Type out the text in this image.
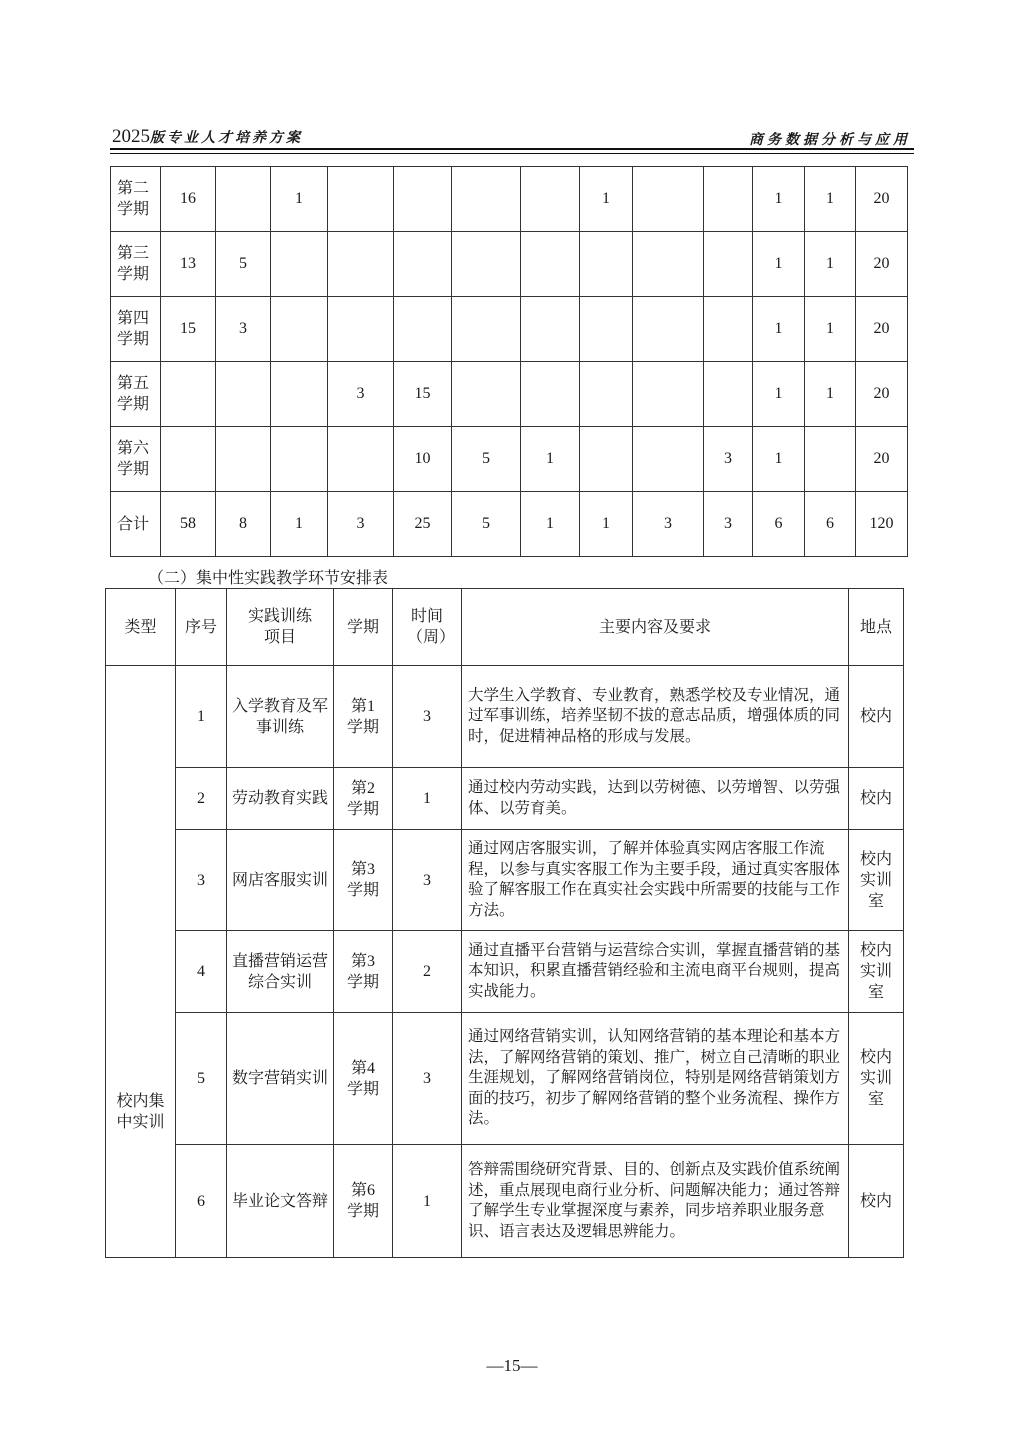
2025版专业人才培养方案	商务数据分析与应用
第二学期	16		1					1			1	1	20

第三学期	13	5									1	1	20

第四学期	15	3									1	1	20

第五学期				3	15						1	1	20

第六学期					10	5	1			3	1		20

合计	58	8	1	3	25	5	1	1	3	3	6	6	120
（二）集中性实践教学环节安排表
类型	序号	实践训练项目	学期	时间（周）	主要内容及要求	地点

校内集中实训	1	入学教育及军事训练	第1学期	3	大学生入学教育、专业教育，熟悉学校及专业情况，通过军事训练，培养坚韧不拔的意志品质，增强体质的同时，促进精神品格的形成与发展。	校内

	2	劳动教育实践	第2学期	1	通过校内劳动实践，达到以劳树德、以劳增智、以劳强体、以劳育美。	校内

	3	网店客服实训	第3学期	3	通过网店客服实训，了解并体验真实网店客服工作流程，以参与真实客服工作为主要手段，通过真实客服体验了解客服工作在真实社会实践中所需要的技能与工作方法。	校内实训室

	4	直播营销运营综合实训	第3学期	2	通过直播平台营销与运营综合实训，掌握直播营销的基本知识，积累直播营销经验和主流电商平台规则，提高实战能力。	校内实训室

	5	数字营销实训	第4学期	3	通过网络营销实训，认知网络营销的基本理论和基本方法，了解网络营销的策划、推广，树立自己清晰的职业生涯规划，了解网络营销岗位，特别是网络营销策划方面的技巧，初步了解网络营销的整个业务流程、操作方法。	校内实训室

	6	毕业论文答辩	第6学期	1	答辩需围绕研究背景、目的、创新点及实践价值系统阐述，重点展现电商行业分析、问题解决能力；通过答辩了解学生专业掌握深度与素养，同步培养职业服务意识、语言表达及逻辑思辨能力。	校内
—15—
